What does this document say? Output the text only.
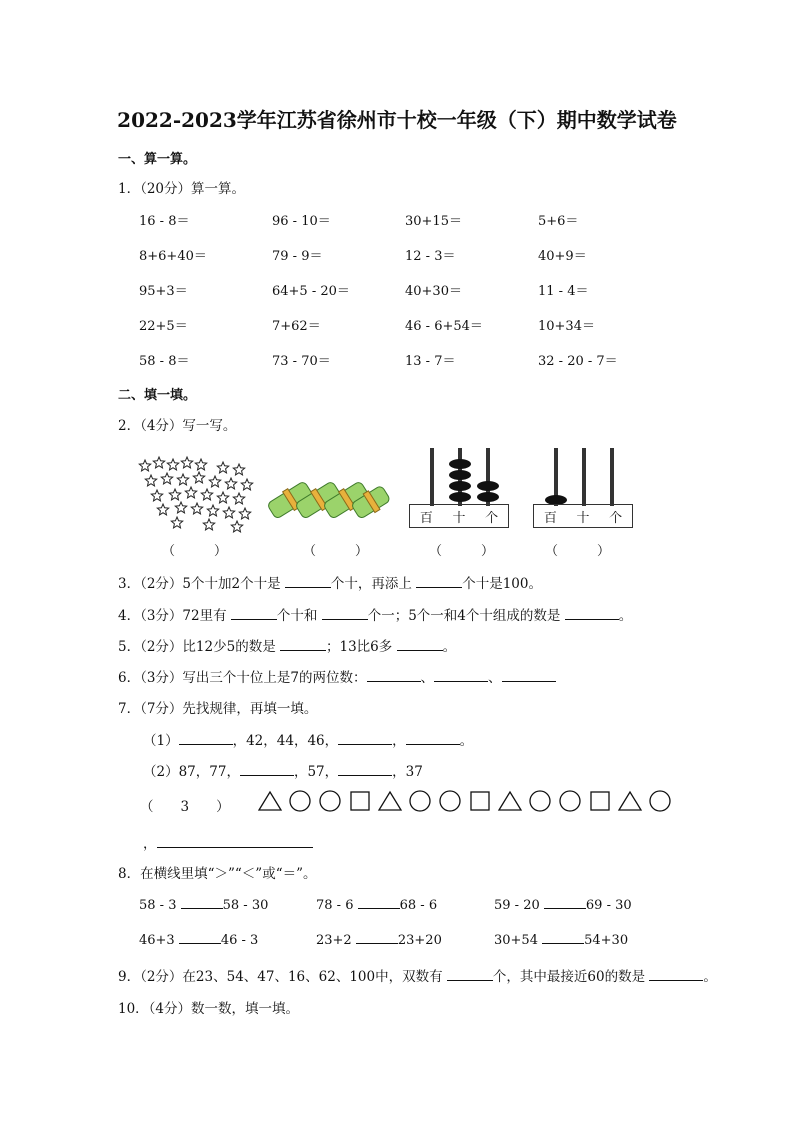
2022-2023学年江苏省徐州市十校一年级（下）期中数学试卷
一、算一算。
1．（20分）算一算。
16 - 8＝	96 - 10＝	30+15＝	5+6＝
8+6+40＝	79 - 9＝	12 - 3＝	40+9＝
95+3＝	64+5 - 20＝	40+30＝	11 - 4＝
22+5＝	7+62＝	46 - 6+54＝	10+34＝
58 - 8＝	73 - 70＝	13 - 7＝	32 - 20 - 7＝
二、填一填。
2．（4分）写一写。
百 十 个	百 十 个
（　　　）	（　　　）	（　　　）	（　　　）
3．（2分）5个十加2个十是	个十，再添上	个十是100。
4．（3分）72里有	个十和	个一；5个一和4个十组成的数是	。
5．（2分）比12少5的数是	；13比6多	。
6．（3分）写出三个十位上是7的两位数：	、	、
7．（7分）先找规律，再填一填。
（1）	，42，44，46，	，	。
（2）87，77，	，57，	，37
（　　3　　）
，
8．在横线里填“＞”“＜”或“＝”。
58 - 3	58 - 30	78 - 6	68 - 6	59 - 20	69 - 30
46+3	46 - 3	23+2	23+20	30+54	54+30
9．（2分）在23、54、47、16、62、100中，双数有	个，其中最接近60的数是	。
10．（4分）数一数，填一填。
